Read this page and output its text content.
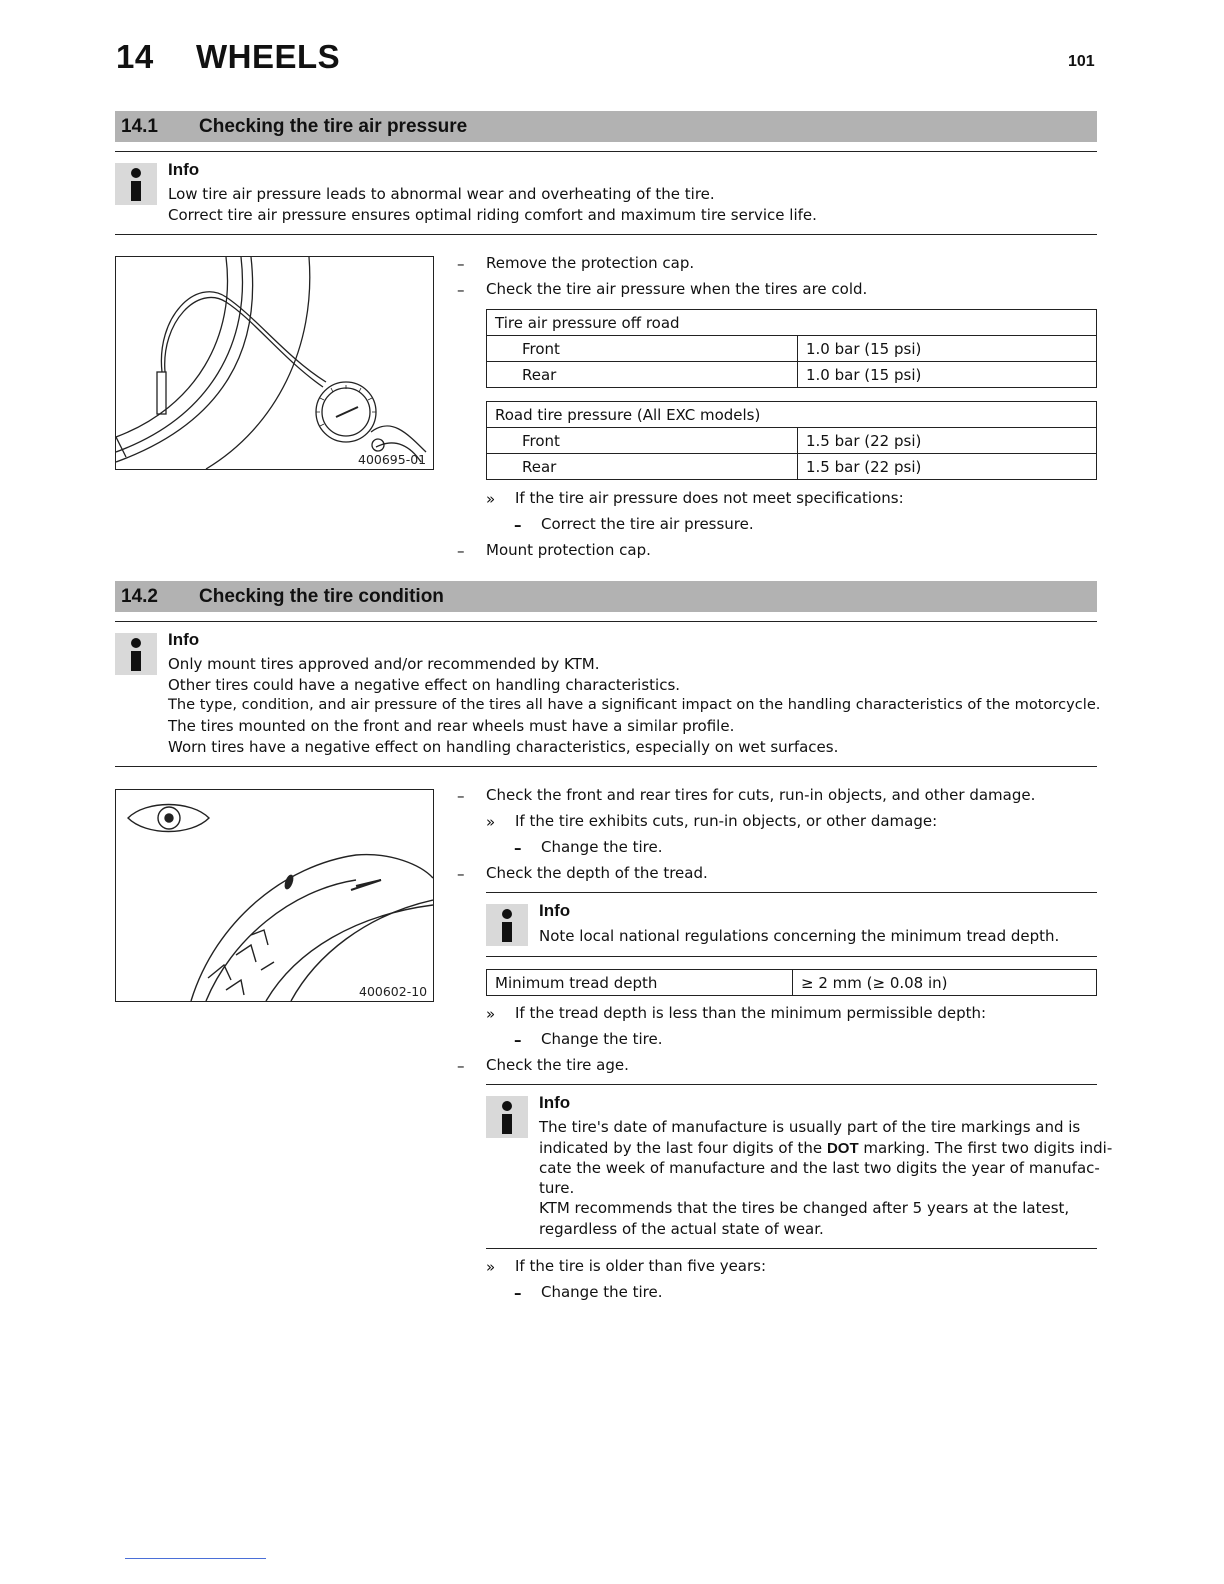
14 WHEELS	101
14.1 Checking the tire air pressure
Info
Low tire air pressure leads to abnormal wear and overheating of the tire.
Correct tire air pressure ensures optimal riding comfort and maximum tire service life.
400695-01
– Remove the protection cap.
– Check the tire air pressure when the tires are cold.
Tire air pressure off road	
Front	1.0 bar (15 psi)
Rear	1.0 bar (15 psi)
Road tire pressure (All EXC models)	
Front	1.5 bar (22 psi)
Rear	1.5 bar (22 psi)
» If the tire air pressure does not meet specifications:
– Correct the tire air pressure.
– Mount protection cap.
14.2 Checking the tire condition
Info
Only mount tires approved and/or recommended by KTM.
Other tires could have a negative effect on handling characteristics.
The type, condition, and air pressure of the tires all have a significant impact on the handling characteristics of the motorcycle.
The tires mounted on the front and rear wheels must have a similar profile.
Worn tires have a negative effect on handling characteristics, especially on wet surfaces.
400602-10
– Check the front and rear tires for cuts, run-in objects, and other damage.
» If the tire exhibits cuts, run-in objects, or other damage:
– Change the tire.
– Check the depth of the tread.
Info
Note local national regulations concerning the minimum tread depth.
Minimum tread depth	≥ 2 mm (≥ 0.08 in)
» If the tread depth is less than the minimum permissible depth:
– Change the tire.
– Check the tire age.
Info
The tire's date of manufacture is usually part of the tire markings and is
indicated by the last four digits of the DOT marking. The first two digits indi-
cate the week of manufacture and the last two digits the year of manufac-
ture.
KTM recommends that the tires be changed after 5 years at the latest,
regardless of the actual state of wear.
» If the tire is older than five years:
– Change the tire.
